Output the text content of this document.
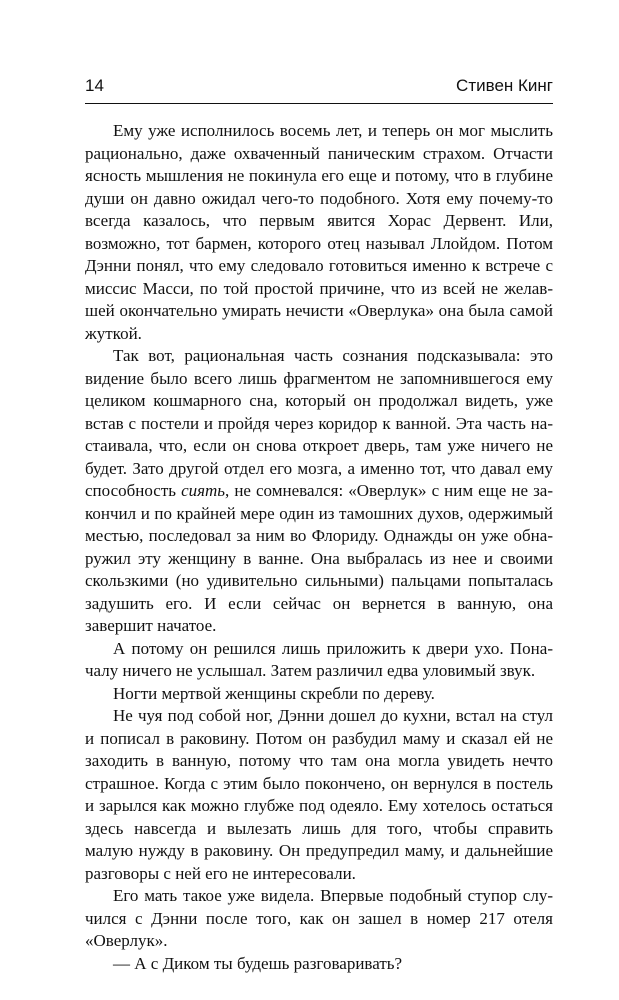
14	Стивен Кинг

Ему уже исполнилось восемь лет, и теперь он мог мыслить рационально, даже охваченный паническим страхом. Отчасти ясность мышления не покинула его еще и потому, что в глубине души он давно ожидал чего-то подобного. Хотя ему почему-то всегда казалось, что первым явится Хорас Дервент. Или, возможно, тот бармен, которого отец называл Ллойдом. Потом Дэнни понял, что ему следовало готовиться именно к встрече с миссис Масси, по той простой причине, что из всей не желавшей окончательно умирать нечисти «Оверлука» она была самой жуткой.

Так вот, рациональная часть сознания подсказывала: это видение было всего лишь фрагментом не запомнившегося ему целиком кошмарного сна, который он продолжал видеть, уже встав с постели и пройдя через коридор к ванной. Эта часть настаивала, что, если он снова откроет дверь, там уже ничего не будет. Зато другой отдел его мозга, а именно тот, что давал ему способность сиять, не сомневался: «Оверлук» с ним еще не закончил и по крайней мере один из тамошних духов, одержимый местью, последовал за ним во Флориду. Однажды он уже обнаружил эту женщину в ванне. Она выбралась из нее и своими скользкими (но удивительно сильными) пальцами попыталась задушить его. И если сейчас он вернется в ванную, она завершит начатое.

А потому он решился лишь приложить к двери ухо. Поначалу ничего не услышал. Затем различил едва уловимый звук.

Ногти мертвой женщины скребли по дереву.

Не чуя под собой ног, Дэнни дошел до кухни, встал на стул и пописал в раковину. Потом он разбудил маму и сказал ей не заходить в ванную, потому что там она могла увидеть нечто страшное. Когда с этим было покончено, он вернулся в постель и зарылся как можно глубже под одеяло. Ему хотелось остаться здесь навсегда и вылезать лишь для того, чтобы справить малую нужду в раковину. Он предупредил маму, и дальнейшие разговоры с ней его не интересовали.

Его мать такое уже видела. Впервые подобный ступор случился с Дэнни после того, как он зашел в номер 217 отеля «Оверлук».

— А с Диком ты будешь разговаривать?
